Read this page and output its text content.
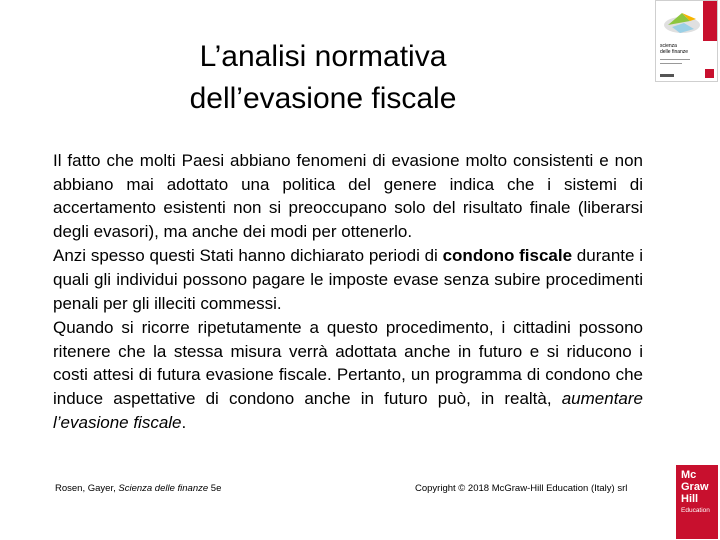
L’analisi normativa
dell’evasione fiscale

Il fatto che molti Paesi abbiano fenomeni di evasione molto consistenti e non abbiano mai adottato una politica del genere indica che i sistemi di accertamento esistenti non si preoccupano solo del risultato finale (liberarsi degli evasori), ma anche dei modi per ottenerlo.

Anzi spesso questi Stati hanno dichiarato periodi di condono fiscale durante i quali gli individui possono pagare le imposte evase senza subire procedimenti penali per gli illeciti commessi.

Quando si ricorre ripetutamente a questo procedimento, i cittadini possono ritenere che la stessa misura verrà adottata anche in futuro e si riducono i costi attesi di futura evasione fiscale. Pertanto, un programma di condono che induce aspettative di condono anche in futuro può, in realtà, aumentare l’evasione fiscale.

Rosen, Gayer, Scienza delle finanze 5e	Copyright © 2018 McGraw-Hill Education (Italy) srl
scienza
delle finanze
Mc
Graw
Hill
Education
